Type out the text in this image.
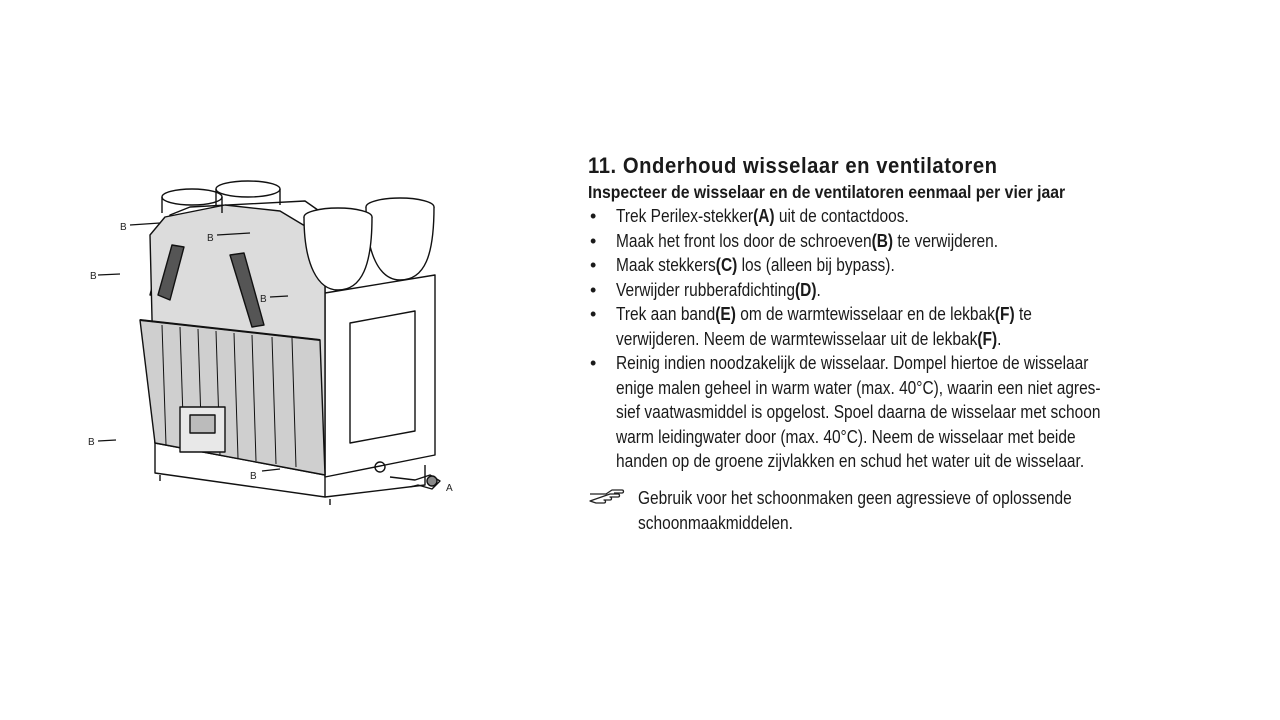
B
B
B
B
B
B
A
11. Onderhoud wisselaar en ventilatoren
Inspecteer de wisselaar en de ventilatoren eenmaal per vier jaar
• Trek Perilex-stekker(A) uit de contactdoos.
• Maak het front los door de schroeven(B) te verwijderen.
• Maak stekkers(C) los (alleen bij bypass).
• Verwijder rubberafdichting(D).
• Trek aan band(E) om de warmtewisselaar en de lekbak(F) te
verwijderen. Neem de warmtewisselaar uit de lekbak(F).
• Reinig indien noodzakelijk de wisselaar. Dompel hiertoe de wisselaar
enige malen geheel in warm water (max. 40°C), waarin een niet agres-
sief vaatwasmiddel is opgelost. Spoel daarna de wisselaar met schoon
warm leidingwater door (max. 40°C). Neem de wisselaar met beide
handen op de groene zijvlakken en schud het water uit de wisselaar.
Gebruik voor het schoonmaken geen agressieve of oplossende
schoonmaakmiddelen.
